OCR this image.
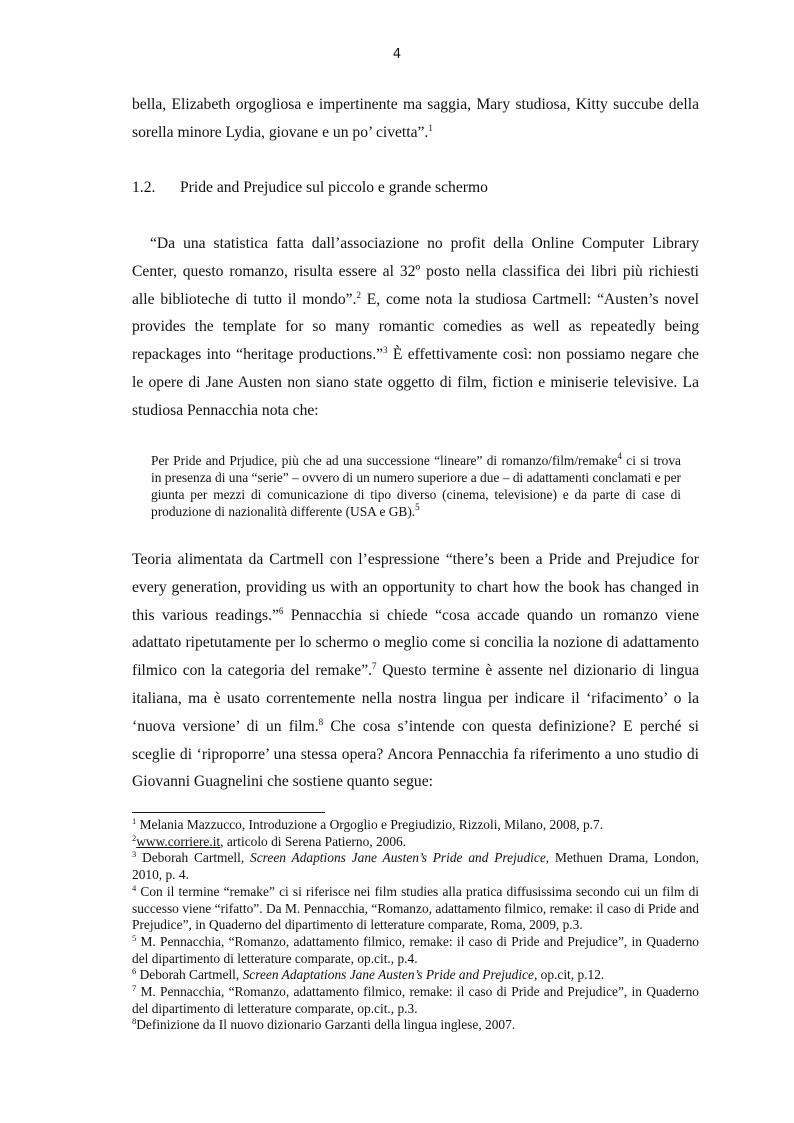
4

bella, Elizabeth orgogliosa e impertinente ma saggia, Mary studiosa, Kitty succube della sorella minore Lydia, giovane e un po’ civetta”.$^1$

1.2. Pride and Prejudice sul piccolo e grande schermo

“Da una statistica fatta dall’associazione no profit della Online Computer Library Center, questo romanzo, risulta essere al 32º posto nella classifica dei libri più richiesti alle biblioteche di tutto il mondo”.$^2$ E, come nota la studiosa Cartmell: “Austen’s novel provides the template for so many romantic comedies as well as repeatedly being repackages into “heritage productions.”$^3$ È effettivamente così: non possiamo negare che le opere di Jane Austen non siano state oggetto di film, fiction e miniserie televisive. La studiosa Pennacchia nota che:

Per Pride and Prjudice, più che ad una successione “lineare” di romanzo/film/remake$^4$ ci si trova in presenza di una “serie” – ovvero di un numero superiore a due – di adattamenti conclamati e per giunta per mezzi di comunicazione di tipo diverso (cinema, televisione) e da parte di case di produzione di nazionalità differente (USA e GB).$^5$

Teoria alimentata da Cartmell con l’espressione “there’s been a Pride and Prejudice for every generation, providing us with an opportunity to chart how the book has changed in this various readings.”$^6$ Pennacchia si chiede “cosa accade quando un romanzo viene adattato ripetutamente per lo schermo o meglio come si concilia la nozione di adattamento filmico con la categoria del remake”.$^7$ Questo termine è assente nel dizionario di lingua italiana, ma è usato correntemente nella nostra lingua per indicare il ‘rifacimento’ o la ‘nuova versione’ di un film.$^8$ Che cosa s’intende con questa definizione? E perché si sceglie di ‘riproporre’ una stessa opera? Ancora Pennacchia fa riferimento a uno studio di Giovanni Guagnelini che sostiene quanto segue:

$^1$ Melania Mazzucco, Introduzione a Orgoglio e Pregiudizio, Rizzoli, Milano, 2008, p.7.
$^2$www.corriere.it, articolo di Serena Patierno, 2006.
$^3$ Deborah Cartmell, Screen Adaptions Jane Austen’s Pride and Prejudice, Methuen Drama, London, 2010, p. 4.
$^4$ Con il termine “remake” ci si riferisce nei film studies alla pratica diffusissima secondo cui un film di successo viene “rifatto”. Da M. Pennacchia, “Romanzo, adattamento filmico, remake: il caso di Pride and Prejudice”, in Quaderno del dipartimento di letterature comparate, Roma, 2009, p.3.
$^5$ M. Pennacchia, “Romanzo, adattamento filmico, remake: il caso di Pride and Prejudice”, in Quaderno del dipartimento di letterature comparate, op.cit., p.4.
$^6$ Deborah Cartmell, Screen Adaptations Jane Austen’s Pride and Prejudice, op.cit, p.12.
$^7$ M. Pennacchia, “Romanzo, adattamento filmico, remake: il caso di Pride and Prejudice”, in Quaderno del dipartimento di letterature comparate, op.cit., p.3.
$^8$Definizione da Il nuovo dizionario Garzanti della lingua inglese, 2007.
